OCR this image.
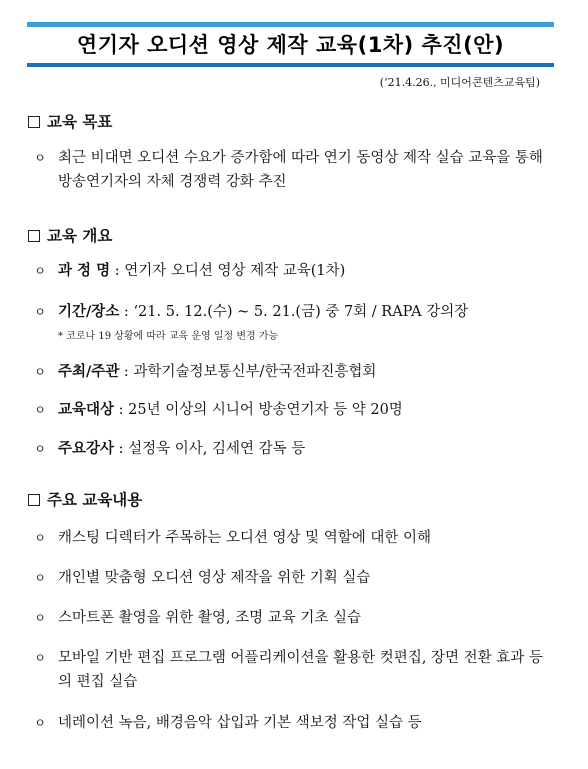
연기자 오디션 영상 제작 교육(1차) 추진(안)
(’21.4.26., 미디어콘텐츠교육팀)
교육 목표
ㅇ 최근 비대면 오디션 수요가 증가함에 따라 연기 동영상 제작 실습 교육을 통해 방송연기자의 자체 경쟁력 강화 추진
교육 개요
ㅇ 과 정 명 : 연기자 오디션 영상 제작 교육(1차)
ㅇ 기간/장소 : ‘21. 5. 12.(수) ~ 5. 21.(금) 중 7회 / RAPA 강의장
* 코로나 19 상황에 따라 교육 운영 일정 변경 가능
ㅇ 주최/주관 : 과학기술정보통신부/한국전파진흥협회
ㅇ 교육대상 : 25년 이상의 시니어 방송연기자 등 약 20명
ㅇ 주요강사 : 설정욱 이사, 김세연 감독 등
주요 교육내용
ㅇ 캐스팅 디렉터가 주목하는 오디션 영상 및 역할에 대한 이해
ㅇ 개인별 맞춤형 오디션 영상 제작을 위한 기획 실습
ㅇ 스마트폰 촬영을 위한 촬영, 조명 교육 기초 실습
ㅇ 모바일 기반 편집 프로그램 어플리케이션을 활용한 컷편집, 장면 전환 효과 등의 편집 실습
ㅇ 네레이션 녹음, 배경음악 삽입과 기본 색보정 작업 실습 등
